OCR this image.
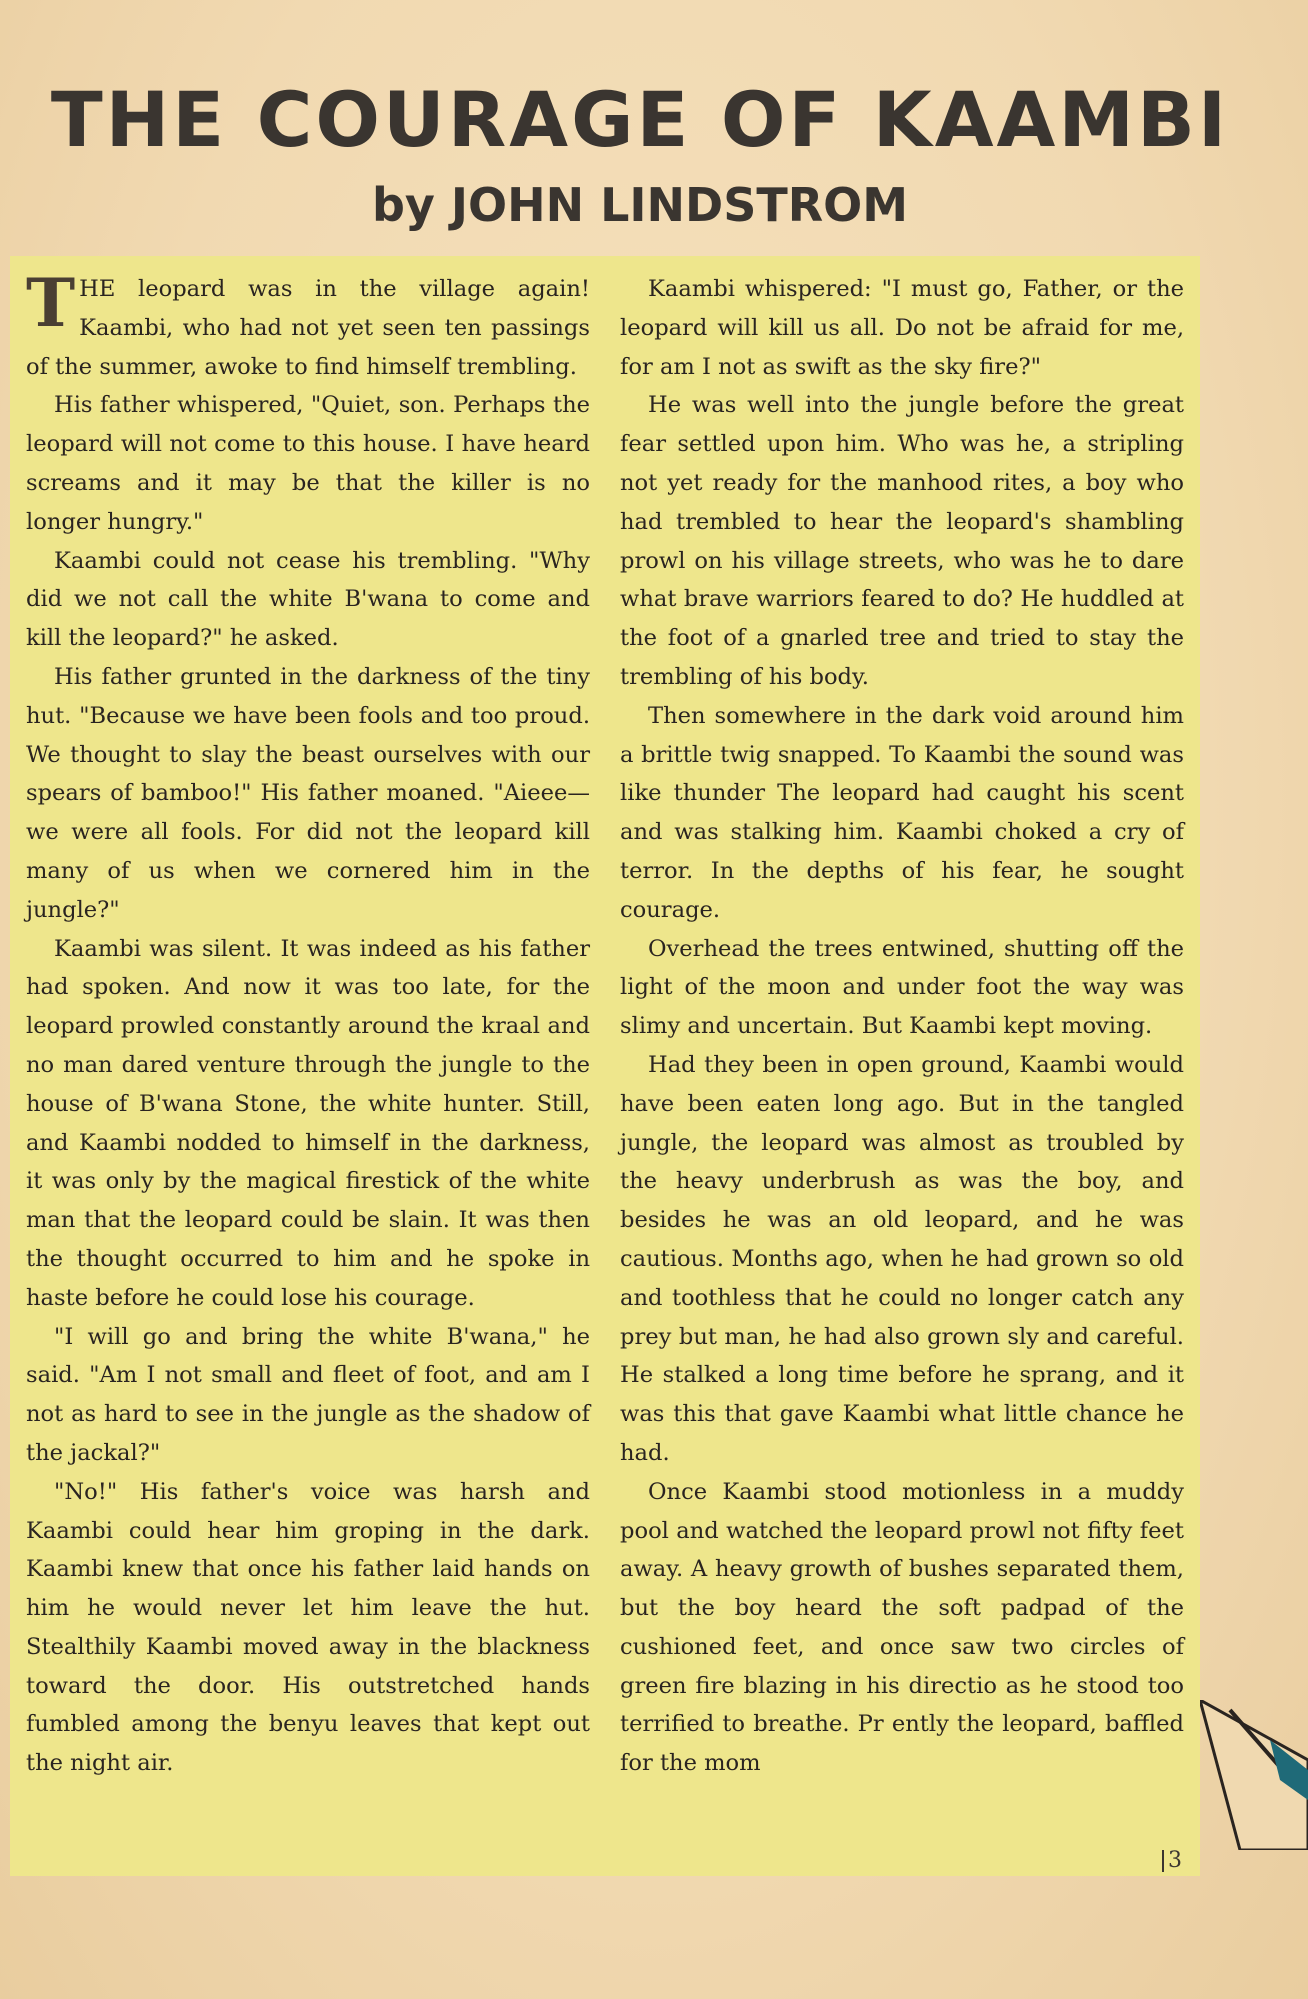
THE COURAGE OF KAAMBI
by JOHN LINDSTROM

THE leopard was in the village again! Kaambi, who had not yet seen ten passings of the summer, awoke to find himself trembling.

His father whispered, "Quiet, son. Perhaps the leopard will not come to this house. I have heard screams and it may be that the killer is no longer hungry."

Kaambi could not cease his trembling. "Why did we not call the white B'wana to come and kill the leopard?" he asked.

His father grunted in the darkness of the tiny hut. "Because we have been fools and too proud. We thought to slay the beast ourselves with our spears of bamboo!" His father moaned. "Aieee—we were all fools. For did not the leopard kill many of us when we cornered him in the jungle?"

Kaambi was silent. It was indeed as his father had spoken. And now it was too late, for the leopard prowled constantly around the kraal and no man dared venture through the jungle to the house of B'wana Stone, the white hunter. Still, and Kaambi nodded to himself in the darkness, it was only by the magical firestick of the white man that the leopard could be slain. It was then the thought occurred to him and he spoke in haste before he could lose his courage.

"I will go and bring the white B'wana," he said. "Am I not small and fleet of foot, and am I not as hard to see in the jungle as the shadow of the jackal?"

"No!" His father's voice was harsh and Kaambi could hear him groping in the dark. Kaambi knew that once his father laid hands on him he would never let him leave the hut. Stealthily Kaambi moved away in the blackness toward the door. His outstretched hands fumbled among the benyu leaves that kept out the night air.

Kaambi whispered: "I must go, Father, or the leopard will kill us all. Do not be afraid for me, for am I not as swift as the sky fire?"

He was well into the jungle before the great fear settled upon him. Who was he, a stripling not yet ready for the manhood rites, a boy who had trembled to hear the leopard's shambling prowl on his village streets, who was he to dare what brave warriors feared to do? He huddled at the foot of a gnarled tree and tried to stay the trembling of his body.

Then somewhere in the dark void around him a brittle twig snapped. To Kaambi the sound was like thunder The leopard had caught his scent and was stalking him. Kaambi choked a cry of terror. In the depths of his fear, he sought courage.

Overhead the trees entwined, shutting off the light of the moon and under foot the way was slimy and uncertain. But Kaambi kept moving.

Had they been in open ground, Kaambi would have been eaten long ago. But in the tangled jungle, the leopard was almost as troubled by the heavy underbrush as was the boy, and besides he was an old leopard, and he was cautious. Months ago, when he had grown so old and toothless that he could no longer catch any prey but man, he had also grown sly and careful. He stalked a long time before he sprang, and it was this that gave Kaambi what little chance he had.

Once Kaambi stood motionless in a muddy pool and watched the leopard prowl not fifty feet away. A heavy growth of bushes separated them, but the boy heard the soft padpad of the cushioned feet, and once saw two circles of green fire blazing in his directio as he stood too terrified to breathe. Pr ently the leopard, baffled for the mom

3
